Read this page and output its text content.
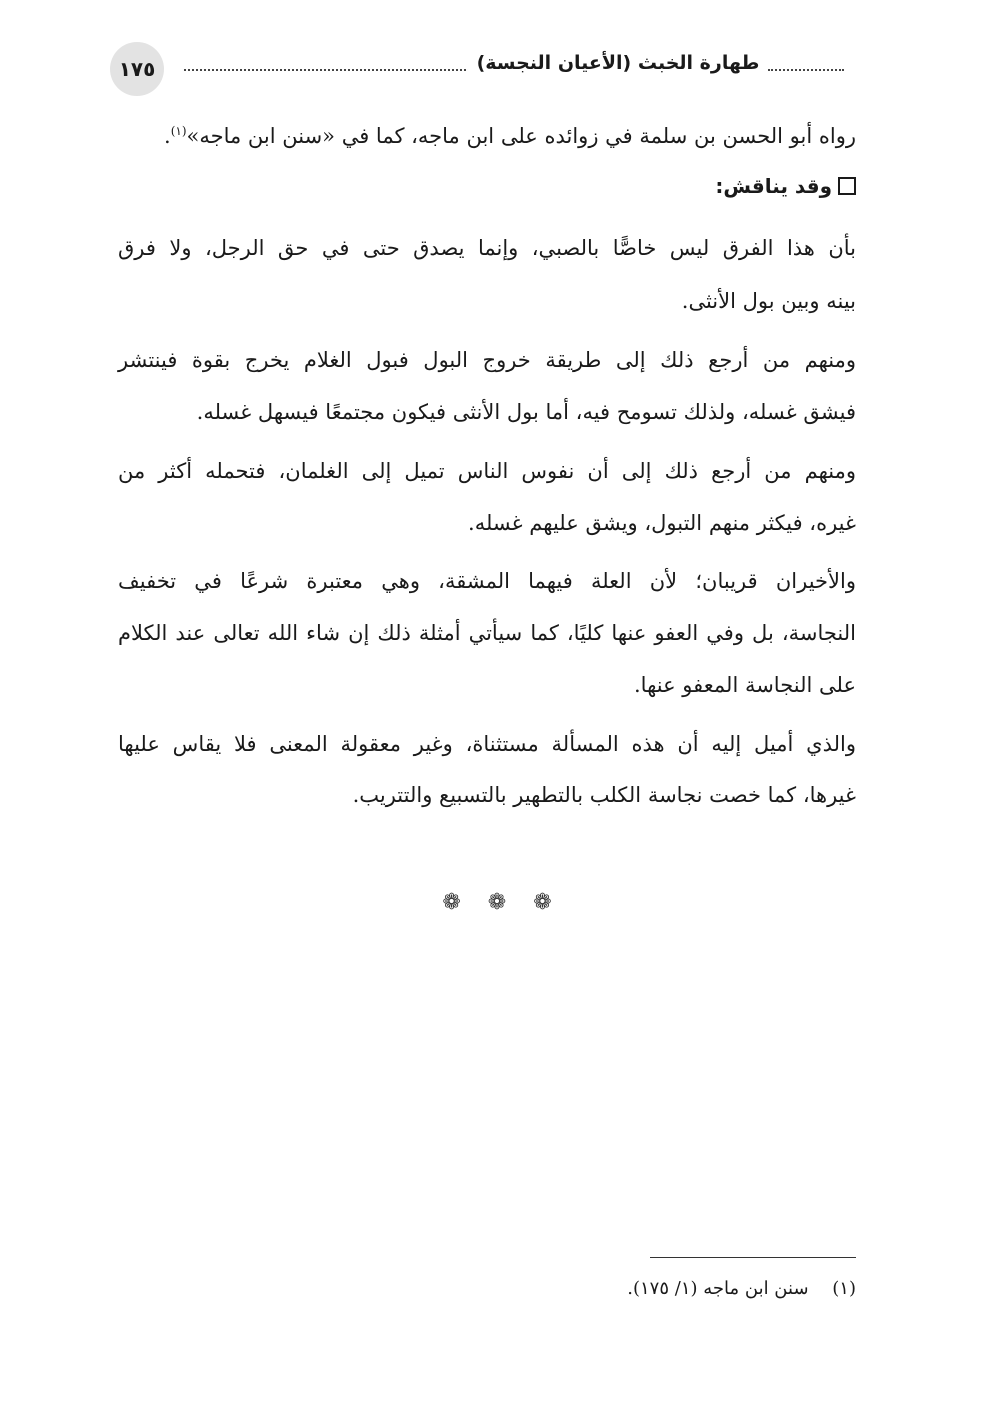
١٧٥	طهارة الخبث (الأعيان النجسة)
رواه أبو الحسن بن سلمة في زوائده على ابن ماجه، كما في «سنن ابن ماجه»$^{(١)}$.
وقد يناقش:
بأن هذا الفرق ليس خاصًّا بالصبي، وإنما يصدق حتى في حق الرجل، ولا فرق
بينه وبين بول الأنثى.
ومنهم من أرجع ذلك إلى طريقة خروج البول فبول الغلام يخرج بقوة فينتشر
فيشق غسله، ولذلك تسومح فيه، أما بول الأنثى فيكون مجتمعًا فيسهل غسله.
ومنهم من أرجع ذلك إلى أن نفوس الناس تميل إلى الغلمان، فتحمله أكثر من
غيره، فيكثر منهم التبول، ويشق عليهم غسله.
والأخيران قريبان؛ لأن العلة فيهما المشقة، وهي معتبرة شرعًا في تخفيف
النجاسة، بل وفي العفو عنها كليًا، كما سيأتي أمثلة ذلك إن شاء الله تعالى عند الكلام
على النجاسة المعفو عنها.
والذي أميل إليه أن هذه المسألة مستثناة، وغير معقولة المعنى فلا يقاس عليها
غيرها، كما خصت نجاسة الكلب بالتطهير بالتسبيع والتتريب.
❁ ❁ ❁
(١) سنن ابن ماجه (١/ ١٧٥).
